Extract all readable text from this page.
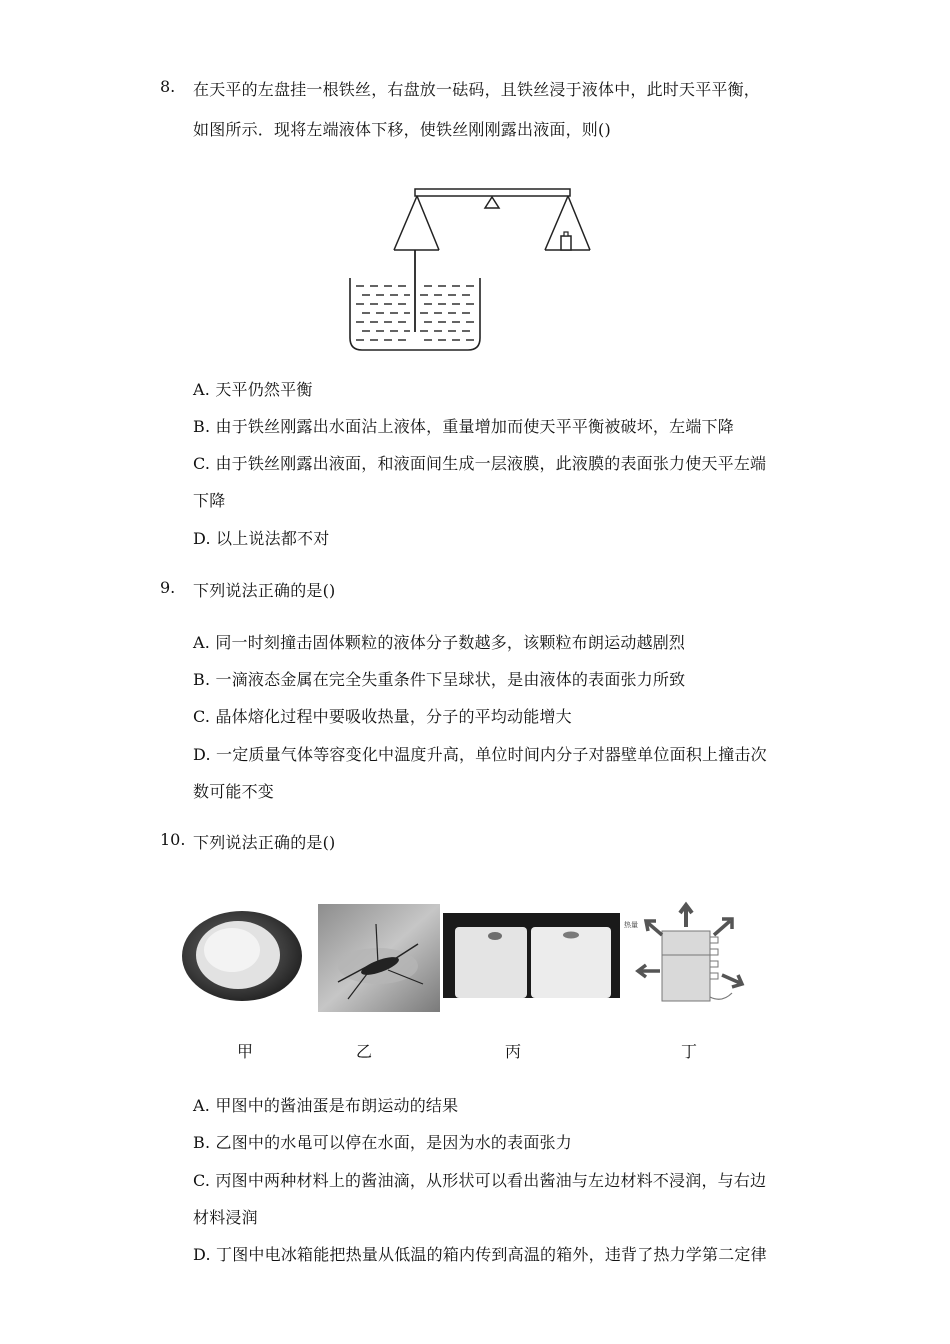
8. 在天平的左盘挂一根铁丝，右盘放一砝码，且铁丝浸于液体中，此时天平平衡，
如图所示．现将左端液体下移，使铁丝刚刚露出液面，则()
A. 天平仍然平衡
B. 由于铁丝刚露出水面沾上液体，重量增加而使天平平衡被破坏，左端下降
C. 由于铁丝刚露出液面，和液面间生成一层液膜，此液膜的表面张力使天平左端
下降
D. 以上说法都不对
9. 下列说法正确的是()
A. 同一时刻撞击固体颗粒的液体分子数越多，该颗粒布朗运动越剧烈
B. 一滴液态金属在完全失重条件下呈球状，是由液体的表面张力所致
C. 晶体熔化过程中要吸收热量，分子的平均动能增大
D. 一定质量气体等容变化中温度升高，单位时间内分子对器壁单位面积上撞击次
数可能不变
10. 下列说法正确的是()
热量
甲	乙	丙	丁
A. 甲图中的酱油蛋是布朗运动的结果
B. 乙图中的水黾可以停在水面，是因为水的表面张力
C. 丙图中两种材料上的酱油滴，从形状可以看出酱油与左边材料不浸润，与右边
材料浸润
D. 丁图中电冰箱能把热量从低温的箱内传到高温的箱外，违背了热力学第二定律
